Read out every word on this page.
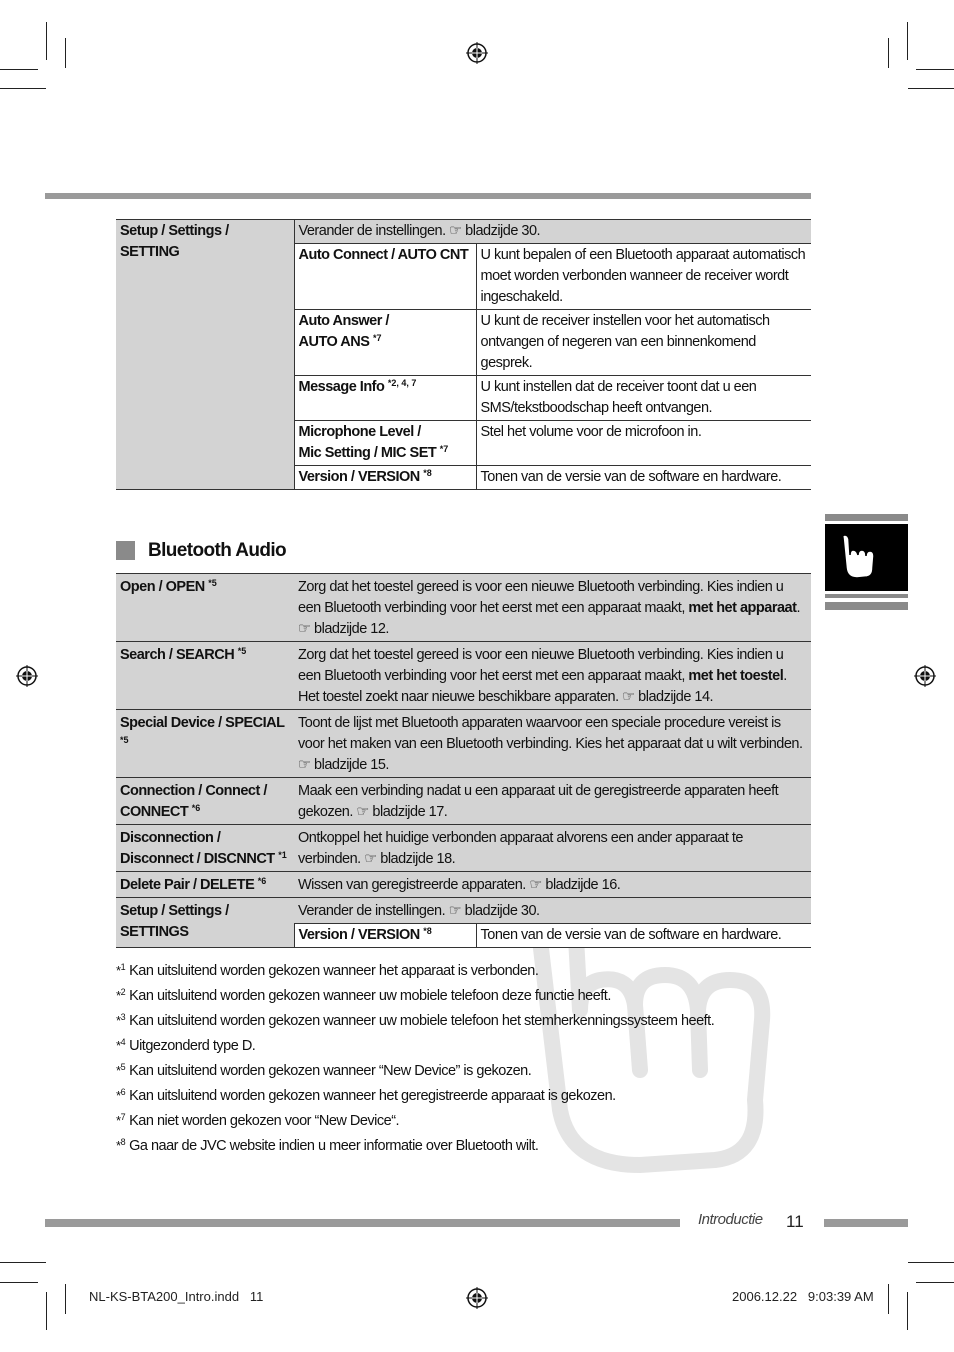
Setup / Settings /
SETTING	Verander de instellingen. ☞ bladzijde 30.	
	Auto Connect / AUTO CNT	U kunt bepalen of een Bluetooth apparaat automatisch moet worden verbonden wanneer de receiver wordt ingeschakeld.
	Auto Answer /
AUTO ANS $^{*7}$	U kunt de receiver instellen voor het automatisch ontvangen of negeren van een binnenkomend gesprek.
	Message Info $^{*2, 4, 7}$	U kunt instellen dat de receiver toont dat u een SMS/tekstboodschap heeft ontvangen.
	Microphone Level /
Mic Setting / MIC SET $^{*7}$	Stel het volume voor de microfoon in.
	Version / VERSION $^{*8}$	Tonen van de versie van de software en hardware.
Bluetooth Audio
Open / OPEN $^{*5}$	Zorg dat het toestel gereed is voor een nieuwe Bluetooth verbinding. Kies indien u een Bluetooth verbinding voor het eerst met een apparaat maakt, met het apparaat. ☞ bladzijde 12.	
Search / SEARCH $^{*5}$	Zorg dat het toestel gereed is voor een nieuwe Bluetooth verbinding. Kies indien u een Bluetooth verbinding voor het eerst met een apparaat maakt, met het toestel. Het toestel zoekt naar nieuwe beschikbare apparaten. ☞ bladzijde 14.	
Special Device / SPECIAL $^{*5}$	Toont de lijst met Bluetooth apparaten waarvoor een speciale procedure vereist is voor het maken van een Bluetooth verbinding. Kies het apparaat dat u wilt verbinden. ☞ bladzijde 15.	
Connection / Connect /
CONNECT $^{*6}$	Maak een verbinding nadat u een apparaat uit de geregistreerde apparaten heeft gekozen. ☞ bladzijde 17.	
Disconnection /
Disconnect / DISCNNCT $^{*1}$	Ontkoppel het huidige verbonden apparaat alvorens een ander apparaat te verbinden. ☞ bladzijde 18.	
Delete Pair / DELETE $^{*6}$	Wissen van geregistreerde apparaten. ☞ bladzijde 16.	

Setup / Settings /
SETTINGS	Verander de instellingen. ☞ bladzijde 30.	
	Version / VERSION $^{*8}$	Tonen van de versie van de software en hardware.
*$^1$ Kan uitsluitend worden gekozen wanneer het apparaat is verbonden.
*$^2$ Kan uitsluitend worden gekozen wanneer uw mobiele telefoon deze functie heeft.
*$^3$ Kan uitsluitend worden gekozen wanneer uw mobiele telefoon het stemherkenningssysteem heeft.
*$^4$ Uitgezonderd type D.
*$^5$ Kan uitsluitend worden gekozen wanneer “New Device” is gekozen.
*$^6$ Kan uitsluitend worden gekozen wanneer het geregistreerde apparaat is gekozen.
*$^7$ Kan niet worden gekozen voor “New Device“.
*$^8$ Ga naar de JVC website indien u meer informatie over Bluetooth wilt.
Introductie 11
NL-KS-BTA200_Intro.indd   11	2006.12.22   9:03:39 AM
